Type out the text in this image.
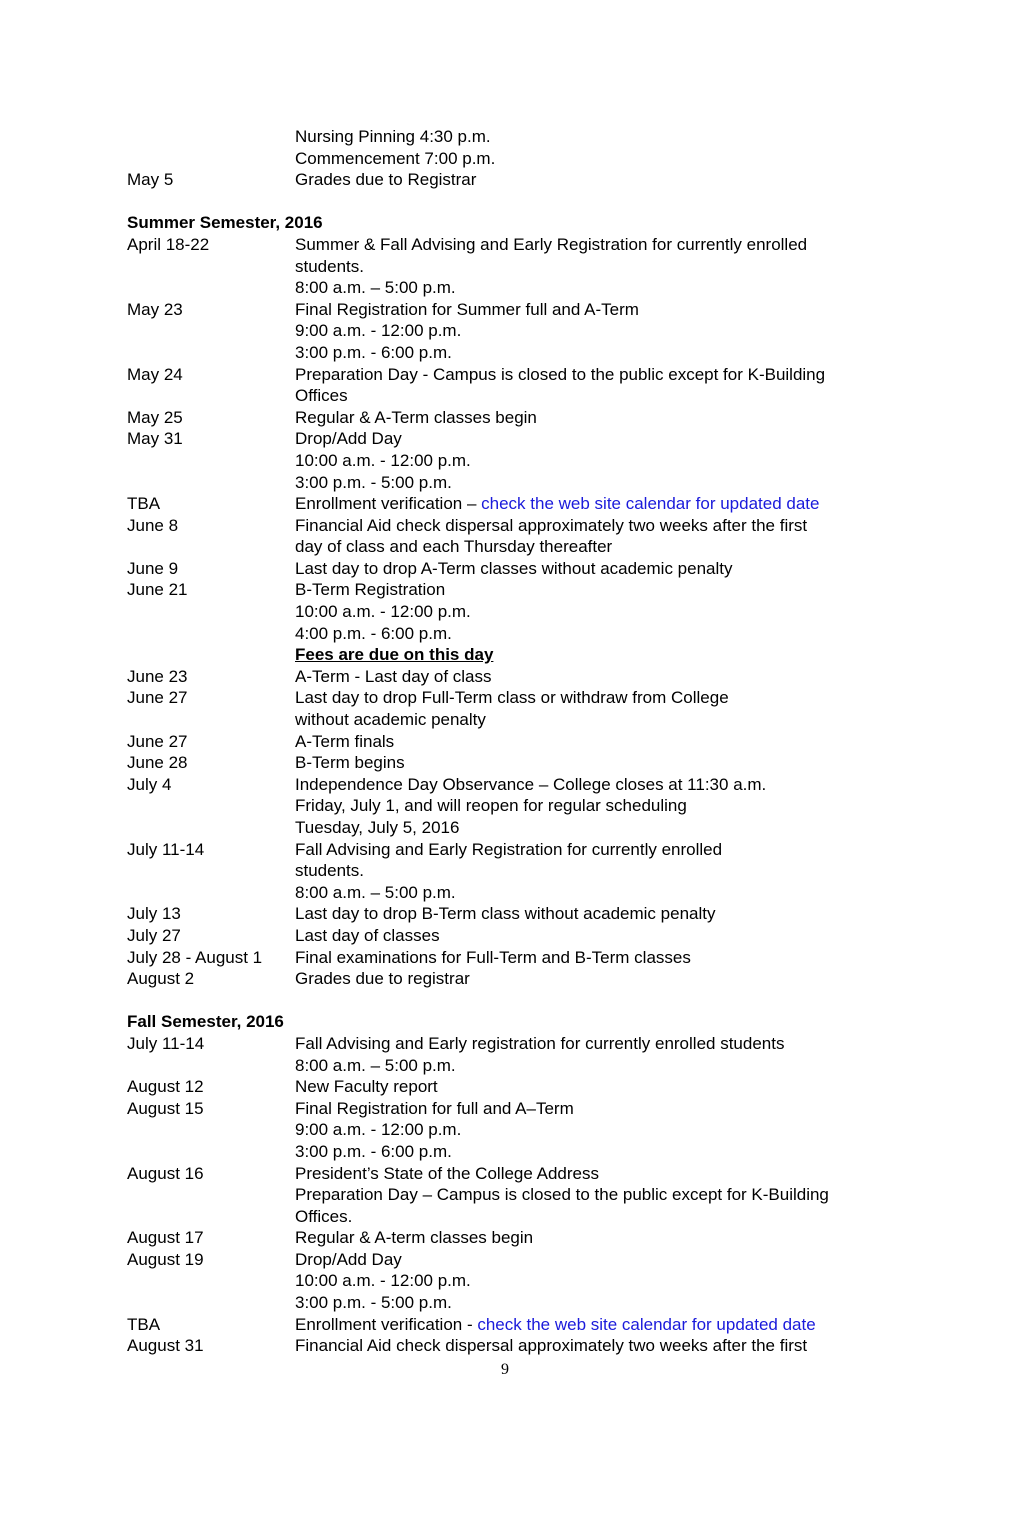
Nursing Pinning 4:30 p.m.
Commencement 7:00 p.m.
May 5	Grades due to Registrar
Summer Semester, 2016
April 18-22	Summer & Fall Advising and Early Registration for currently enrolled
students.
8:00 a.m. – 5:00 p.m.
May 23	Final Registration for Summer full and A-Term
9:00 a.m. - 12:00 p.m.
3:00 p.m. - 6:00 p.m.
May 24	Preparation Day - Campus is closed to the public except for K-Building
Offices
May 25	Regular & A-Term classes begin
May 31	Drop/Add Day
10:00 a.m. - 12:00 p.m.
3:00 p.m. - 5:00 p.m.
TBA	Enrollment verification – check the web site calendar for updated date
June 8	Financial Aid check dispersal approximately two weeks after the first
day of class and each Thursday thereafter
June 9	Last day to drop A-Term classes without academic penalty
June 21	B-Term Registration
10:00 a.m. - 12:00 p.m.
4:00 p.m. - 6:00 p.m.
Fees are due on this day
June 23	A-Term - Last day of class
June 27	Last day to drop Full-Term class or withdraw from College
without academic penalty
June 27	A-Term finals
June 28	B-Term begins
July 4	Independence Day Observance – College closes at 11:30 a.m.
Friday, July 1, and will reopen for regular scheduling
Tuesday, July 5, 2016
July 11-14	Fall Advising and Early Registration for currently enrolled
students.
8:00 a.m. – 5:00 p.m.
July 13	Last day to drop B-Term class without academic penalty
July 27	Last day of classes
July 28 - August 1	Final examinations for Full-Term and B-Term classes
August 2	Grades due to registrar
Fall Semester, 2016
July 11-14	Fall Advising and Early registration for currently enrolled students
8:00 a.m. – 5:00 p.m.
August 12	New Faculty report
August 15	Final Registration for full and A–Term
9:00 a.m. - 12:00 p.m.
3:00 p.m. - 6:00 p.m.
August 16	President’s State of the College Address
Preparation Day – Campus is closed to the public except for K-Building
Offices.
August 17	Regular & A-term classes begin
August 19	Drop/Add Day
10:00 a.m. - 12:00 p.m.
3:00 p.m. - 5:00 p.m.
TBA	Enrollment verification - check the web site calendar for updated date
August 31	Financial Aid check dispersal approximately two weeks after the first
9
